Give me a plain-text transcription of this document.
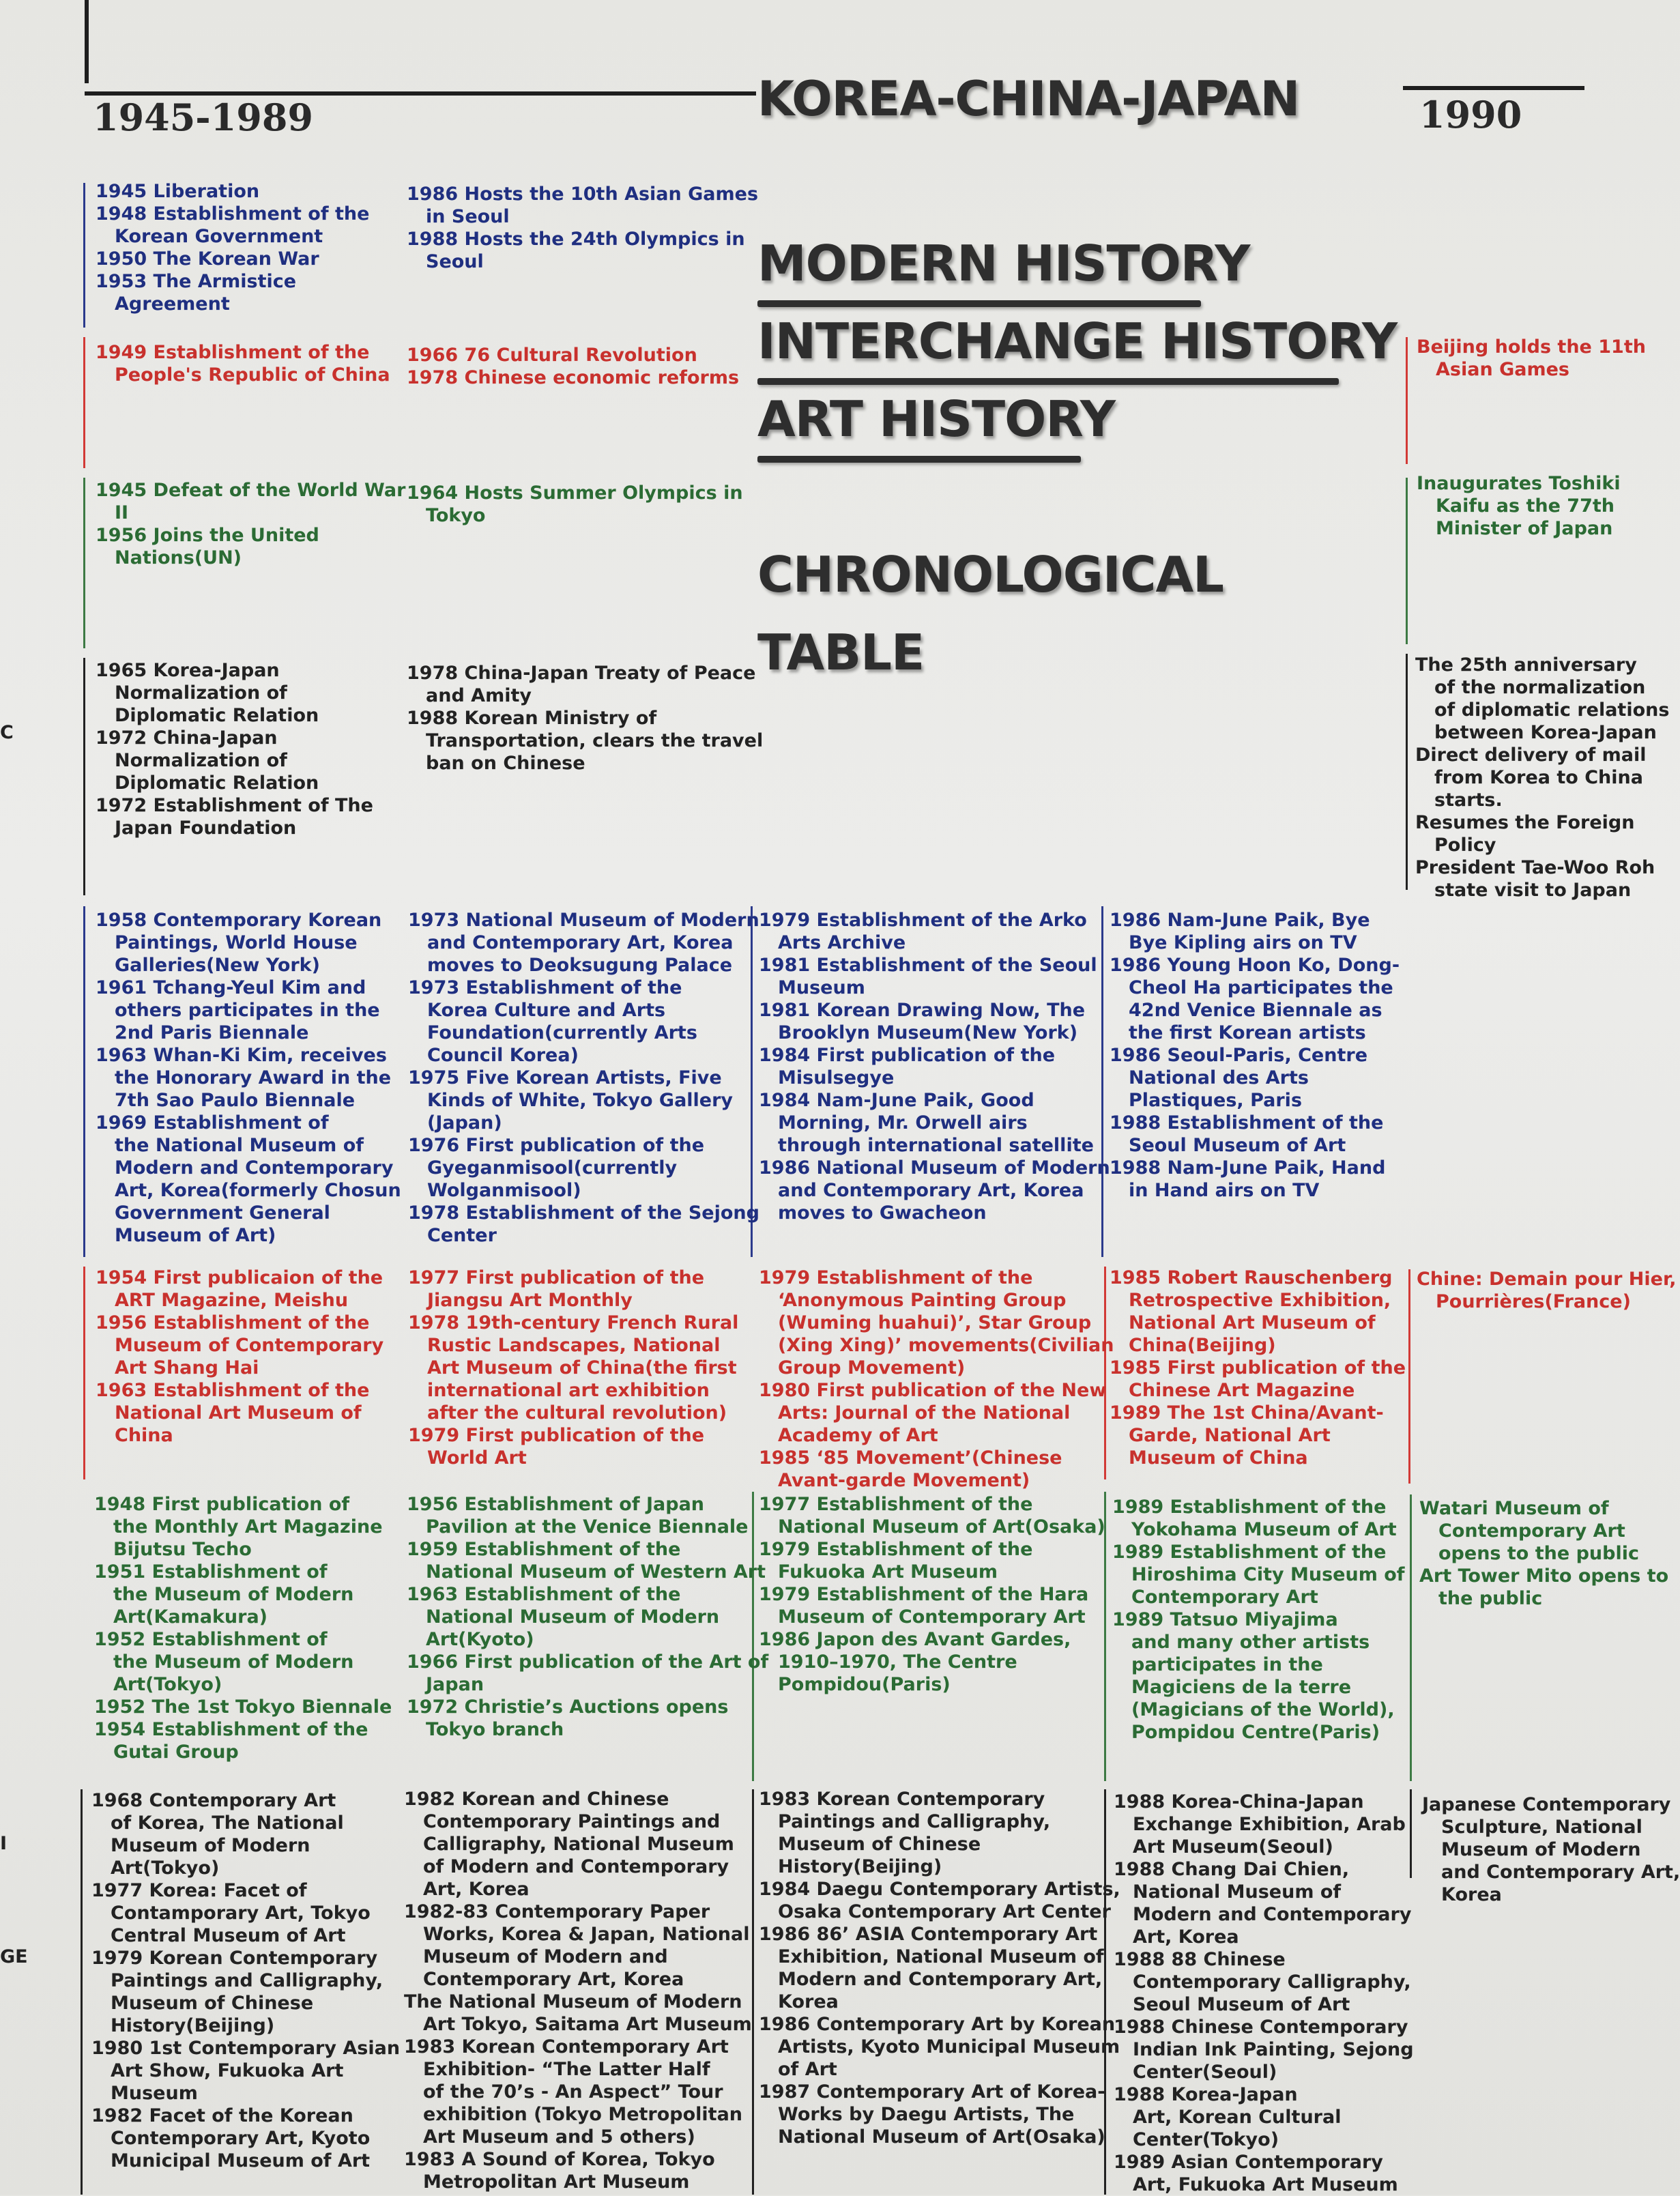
1945-1989	1990
KOREA-CHINA-JAPAN
MODERN HISTORY
INTERCHANGE HISTORY
ART HISTORY
CHRONOLOGICAL
TABLE
C
I
GE

1945 Liberation

1948 Establishment of the

Korean Government

1950 The Korean War

1953 The Armistice

Agreement

1986 Hosts the 10th Asian Games

in Seoul

1988 Hosts the 24th Olympics in

Seoul

1949 Establishment of the

People's Republic of China

1966 76 Cultural Revolution

1978 Chinese economic reforms

Beijing holds the 11th

Asian Games

1945 Defeat of the World War

II

1956 Joins the United

Nations(UN)

1964 Hosts Summer Olympics in

Tokyo

Inaugurates Toshiki

Kaifu as the 77th

Minister of Japan

1965 Korea-Japan

Normalization of

Diplomatic Relation

1972 China-Japan

Normalization of

Diplomatic Relation

1972 Establishment of The

Japan Foundation

1978 China-Japan Treaty of Peace

and Amity

1988 Korean Ministry of

Transportation, clears the travel

ban on Chinese

The 25th anniversary

of the normalization

of diplomatic relations

between Korea-Japan

Direct delivery of mail

from Korea to China

starts.

Resumes the Foreign

Policy

President Tae-Woo Roh

state visit to Japan

1958 Contemporary Korean

Paintings, World House

Galleries(New York)

1961 Tchang-Yeul Kim and

others participates in the

2nd Paris Biennale

1963 Whan-Ki Kim, receives

the Honorary Award in the

7th Sao Paulo Biennale

1969 Establishment of

the National Museum of

Modern and Contemporary

Art, Korea(formerly Chosun

Government General

Museum of Art)

1973 National Museum of Modern

and Contemporary Art, Korea

moves to Deoksugung Palace

1973 Establishment of the

Korea Culture and Arts

Foundation(currently Arts

Council Korea)

1975 Five Korean Artists, Five

Kinds of White, Tokyo Gallery

(Japan)

1976 First publication of the

Gyeganmisool(currently

Wolganmisool)

1978 Establishment of the Sejong

Center

1979 Establishment of the Arko

Arts Archive

1981 Establishment of the Seoul

Museum

1981 Korean Drawing Now, The

Brooklyn Museum(New York)

1984 First publication of the

Misulsegye

1984 Nam-June Paik, Good

Morning, Mr. Orwell airs

through international satellite

1986 National Museum of Modern

and Contemporary Art, Korea

moves to Gwacheon

1986 Nam-June Paik, Bye

Bye Kipling airs on TV

1986 Young Hoon Ko, Dong-

Cheol Ha participates the

42nd Venice Biennale as

the first Korean artists

1986 Seoul-Paris, Centre

National des Arts

Plastiques, Paris

1988 Establishment of the

Seoul Museum of Art

1988 Nam-June Paik, Hand

in Hand airs on TV

1954 First publicaion of the

ART Magazine, Meishu

1956 Establishment of the

Museum of Contemporary

Art Shang Hai

1963 Establishment of the

National Art Museum of

China

1977 First publication of the

Jiangsu Art Monthly

1978 19th-century French Rural

Rustic Landscapes, National

Art Museum of China(the first

international art exhibition

after the cultural revolution)

1979 First publication of the

World Art

1979 Establishment of the

‘Anonymous Painting Group

(Wuming huahui)’, Star Group

(Xing Xing)’ movements(Civilian

Group Movement)

1980 First publication of the New

Arts: Journal of the National

Academy of Art

1985 ‘85 Movement’(Chinese

Avant-garde Movement)

1985 Robert Rauschenberg

Retrospective Exhibition,

National Art Museum of

China(Beijing)

1985 First publication of the

Chinese Art Magazine

1989 The 1st China/Avant-

Garde, National Art

Museum of China

Chine: Demain pour Hier,

Pourrières(France)

1948 First publication of

the Monthly Art Magazine

Bijutsu Techo

1951 Establishment of

the Museum of Modern

Art(Kamakura)

1952 Establishment of

the Museum of Modern

Art(Tokyo)

1952 The 1st Tokyo Biennale

1954 Establishment of the

Gutai Group

1956 Establishment of Japan

Pavilion at the Venice Biennale

1959 Establishment of the

National Museum of Western Art

1963 Establishment of the

National Museum of Modern

Art(Kyoto)

1966 First publication of the Art of

Japan

1972 Christie’s Auctions opens

Tokyo branch

1977 Establishment of the

National Museum of Art(Osaka)

1979 Establishment of the

Fukuoka Art Museum

1979 Establishment of the Hara

Museum of Contemporary Art

1986 Japon des Avant Gardes,

1910–1970, The Centre

Pompidou(Paris)

1989 Establishment of the

Yokohama Museum of Art

1989 Establishment of the

Hiroshima City Museum of

Contemporary Art

1989 Tatsuo Miyajima

and many other artists

participates in the

Magiciens de la terre

(Magicians of the World),

Pompidou Centre(Paris)

Watari Museum of

Contemporary Art

opens to the public

Art Tower Mito opens to

the public

1968 Contemporary Art

of Korea, The National

Museum of Modern

Art(Tokyo)

1977 Korea: Facet of

Contamporary Art, Tokyo

Central Museum of Art

1979 Korean Contemporary

Paintings and Calligraphy,

Museum of Chinese

History(Beijing)

1980 1st Contemporary Asian

Art Show, Fukuoka Art

Museum

1982 Facet of the Korean

Contemporary Art, Kyoto

Municipal Museum of Art

1982 Korean and Chinese

Contemporary Paintings and

Calligraphy, National Museum

of Modern and Contemporary

Art, Korea

1982-83 Contemporary Paper

Works, Korea & Japan, National

Museum of Modern and

Contemporary Art, Korea

The National Museum of Modern

Art Tokyo, Saitama Art Museum

1983 Korean Contemporary Art

Exhibition- “The Latter Half

of the 70’s - An Aspect” Tour

exhibition (Tokyo Metropolitan

Art Museum and 5 others)

1983 A Sound of Korea, Tokyo

Metropolitan Art Museum

1983 Korean Contemporary

Paintings and Calligraphy,

Museum of Chinese

History(Beijing)

1984 Daegu Contemporary Artists,

Osaka Contemporary Art Center

1986 86’ ASIA Contemporary Art

Exhibition, National Museum of

Modern and Contemporary Art,

Korea

1986 Contemporary Art by Korean

Artists, Kyoto Municipal Museum

of Art

1987 Contemporary Art of Korea-

Works by Daegu Artists, The

National Museum of Art(Osaka)

1988 Korea-China-Japan

Exchange Exhibition, Arab

Art Museum(Seoul)

1988 Chang Dai Chien,

National Museum of

Modern and Contemporary

Art, Korea

1988 88 Chinese

Contemporary Calligraphy,

Seoul Museum of Art

1988 Chinese Contemporary

Indian Ink Painting, Sejong

Center(Seoul)

1988 Korea-Japan

Art, Korean Cultural

Center(Tokyo)

1989 Asian Contemporary

Art, Fukuoka Art Museum

Japanese Contemporary

Sculpture, National

Museum of Modern

and Contemporary Art,

Korea
